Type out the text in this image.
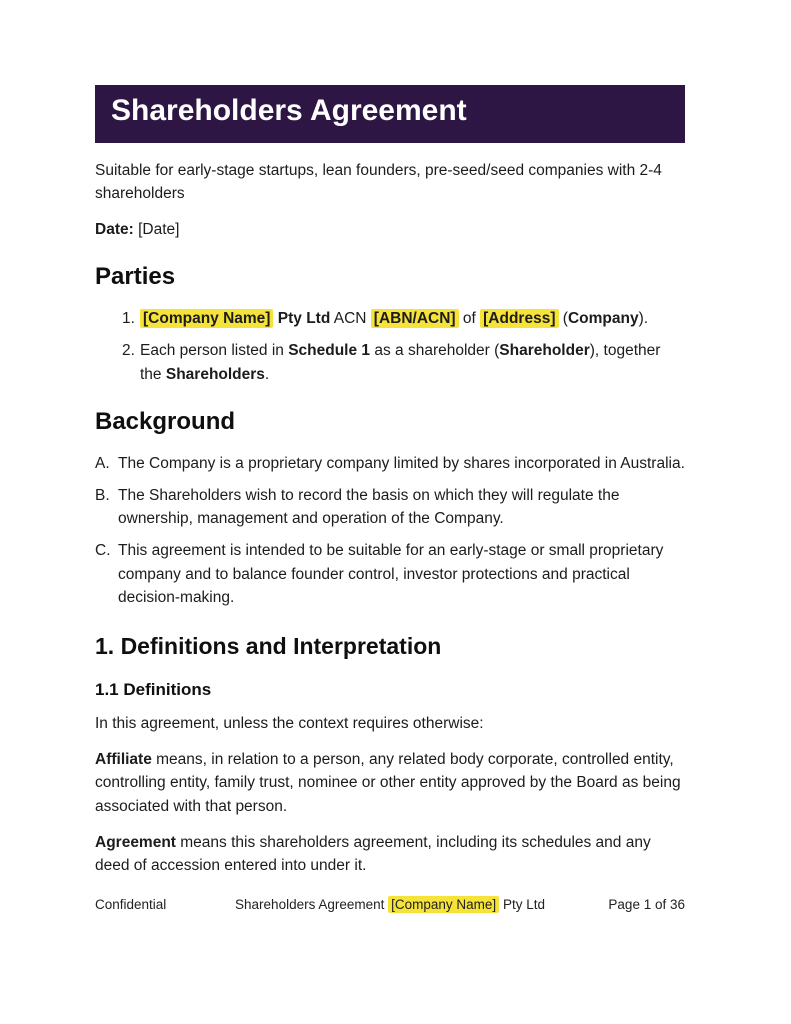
Shareholders Agreement

Suitable for early-stage startups, lean founders, pre-seed/seed companies with 2-4 shareholders

Date: [Date]

Parties
1. [Company Name] Pty Ltd ACN [ABN/ACN] of [Address] (Company).
2. Each person listed in Schedule 1 as a shareholder (Shareholder), together the Shareholders.
Background
A. The Company is a proprietary company limited by shares incorporated in Australia.
B. The Shareholders wish to record the basis on which they will regulate the ownership, management and operation of the Company.
C. This agreement is intended to be suitable for an early-stage or small proprietary company and to balance founder control, investor protections and practical decision-making.
1. Definitions and Interpretation
1.1 Definitions

In this agreement, unless the context requires otherwise:

Affiliate means, in relation to a person, any related body corporate, controlled entity, controlling entity, family trust, nominee or other entity approved by the Board as being associated with that person.

Agreement means this shareholders agreement, including its schedules and any deed of accession entered into under it.

Confidential	Shareholders Agreement [Company Name] Pty Ltd	Page 1 of 36
